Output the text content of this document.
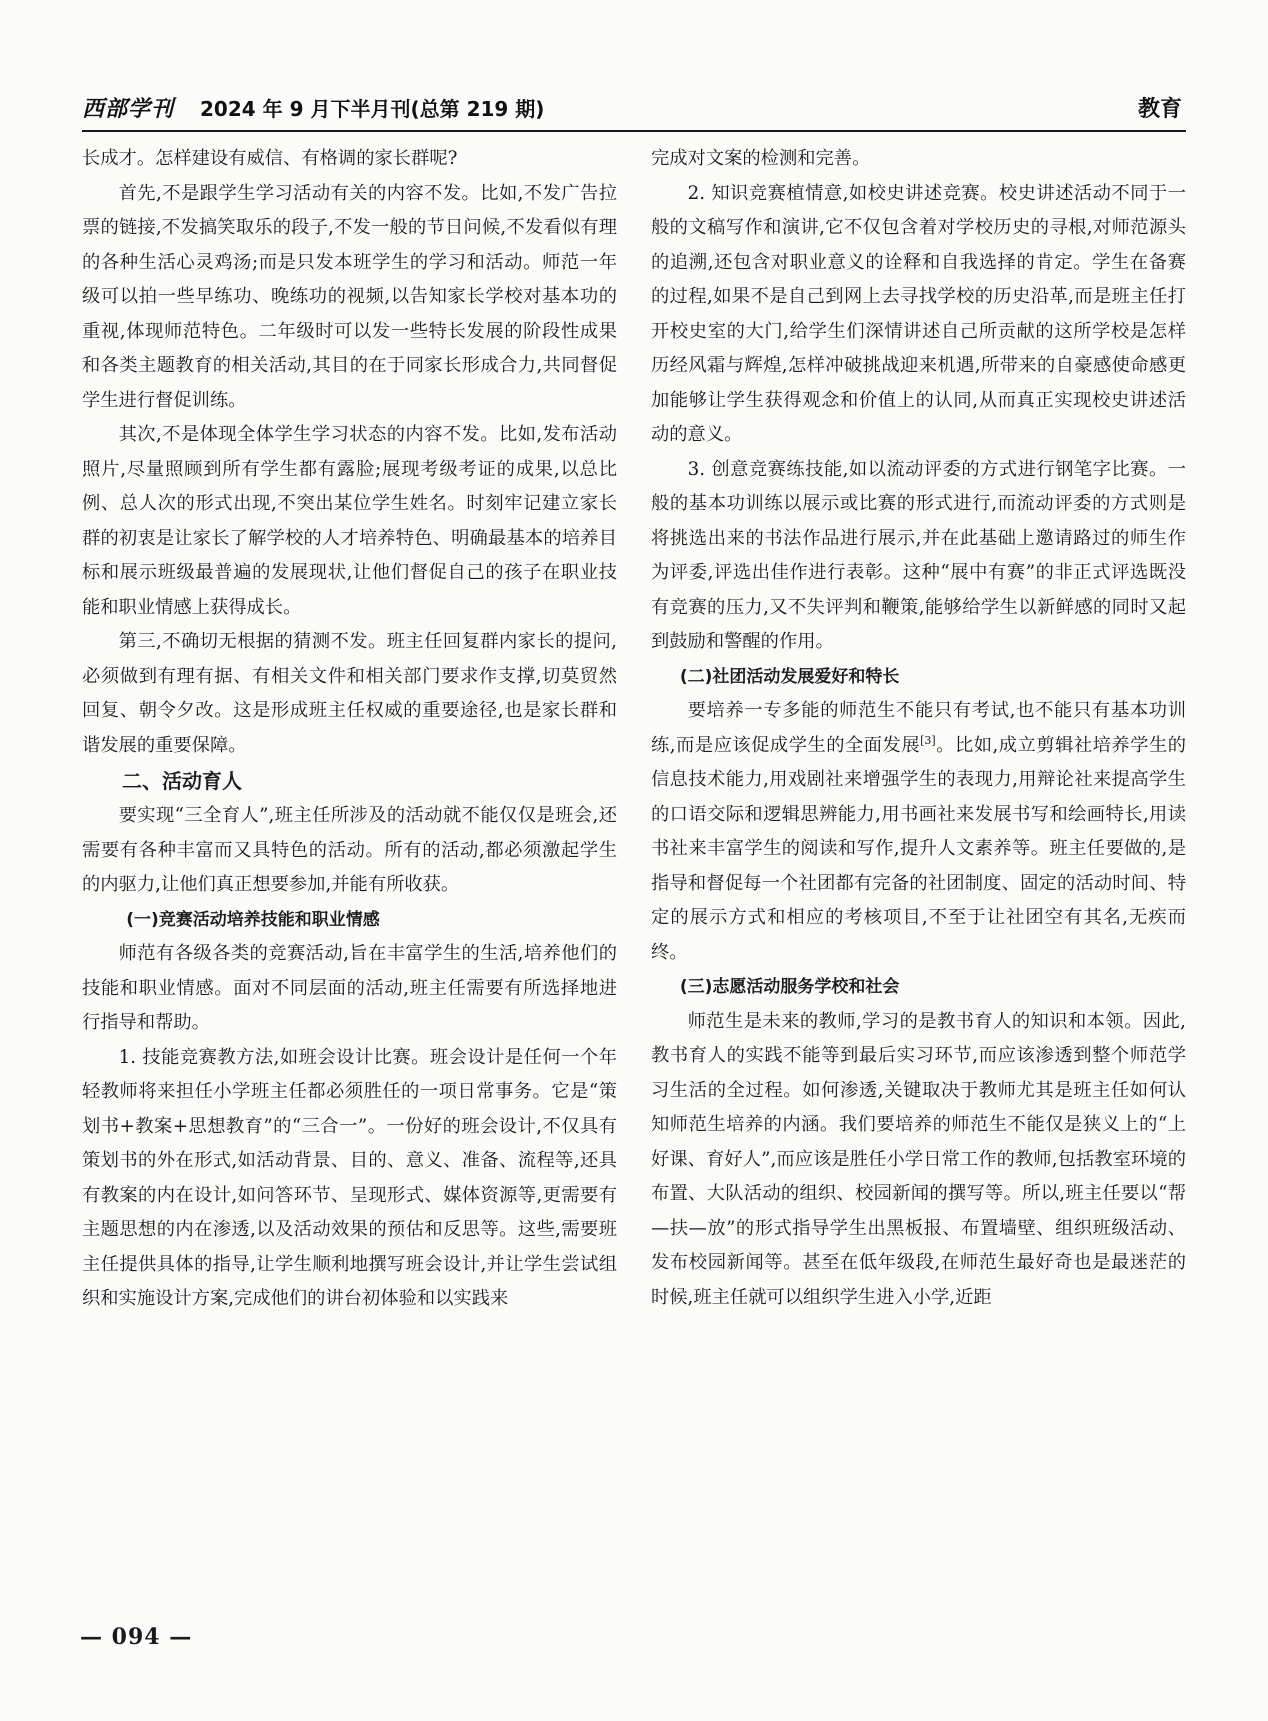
西部学刊 2024 年 9 月下半月刊(总第 219 期)	教育

长成才。怎样建设有威信、有格调的家长群呢?

首先,不是跟学生学习活动有关的内容不发。比如,不发广告拉票的链接,不发搞笑取乐的段子,不发一般的节日问候,不发看似有理的各种生活心灵鸡汤;而是只发本班学生的学习和活动。师范一年级可以拍一些早练功、晚练功的视频,以告知家长学校对基本功的重视,体现师范特色。二年级时可以发一些特长发展的阶段性成果和各类主题教育的相关活动,其目的在于同家长形成合力,共同督促学生进行督促训练。

其次,不是体现全体学生学习状态的内容不发。比如,发布活动照片,尽量照顾到所有学生都有露脸;展现考级考证的成果,以总比例、总人次的形式出现,不突出某位学生姓名。时刻牢记建立家长群的初衷是让家长了解学校的人才培养特色、明确最基本的培养目标和展示班级最普遍的发展现状,让他们督促自己的孩子在职业技能和职业情感上获得成长。

第三,不确切无根据的猜测不发。班主任回复群内家长的提问,必须做到有理有据、有相关文件和相关部门要求作支撑,切莫贸然回复、朝令夕改。这是形成班主任权威的重要途径,也是家长群和谐发展的重要保障。

二、活动育人

要实现“三全育人”,班主任所涉及的活动就不能仅仅是班会,还需要有各种丰富而又具特色的活动。所有的活动,都必须激起学生的内驱力,让他们真正想要参加,并能有所收获。

(一)竞赛活动培养技能和职业情感

师范有各级各类的竞赛活动,旨在丰富学生的生活,培养他们的技能和职业情感。面对不同层面的活动,班主任需要有所选择地进行指导和帮助。

1. 技能竞赛教方法,如班会设计比赛。班会设计是任何一个年轻教师将来担任小学班主任都必须胜任的一项日常事务。它是“策划书+教案+思想教育”的“三合一”。一份好的班会设计,不仅具有策划书的外在形式,如活动背景、目的、意义、准备、流程等,还具有教案的内在设计,如问答环节、呈现形式、媒体资源等,更需要有主题思想的内在渗透,以及活动效果的预估和反思等。这些,需要班主任提供具体的指导,让学生顺利地撰写班会设计,并让学生尝试组织和实施设计方案,完成他们的讲台初体验和以实践来

完成对文案的检测和完善。

2. 知识竞赛植情意,如校史讲述竞赛。校史讲述活动不同于一般的文稿写作和演讲,它不仅包含着对学校历史的寻根,对师范源头的追溯,还包含对职业意义的诠释和自我选择的肯定。学生在备赛的过程,如果不是自己到网上去寻找学校的历史沿革,而是班主任打开校史室的大门,给学生们深情讲述自己所贡献的这所学校是怎样历经风霜与辉煌,怎样冲破挑战迎来机遇,所带来的自豪感使命感更加能够让学生获得观念和价值上的认同,从而真正实现校史讲述活动的意义。

3. 创意竞赛练技能,如以流动评委的方式进行钢笔字比赛。一般的基本功训练以展示或比赛的形式进行,而流动评委的方式则是将挑选出来的书法作品进行展示,并在此基础上邀请路过的师生作为评委,评选出佳作进行表彰。这种“展中有赛”的非正式评选既没有竞赛的压力,又不失评判和鞭策,能够给学生以新鲜感的同时又起到鼓励和警醒的作用。

(二)社团活动发展爱好和特长

要培养一专多能的师范生不能只有考试,也不能只有基本功训练,而是应该促成学生的全面发展[3]。比如,成立剪辑社培养学生的信息技术能力,用戏剧社来增强学生的表现力,用辩论社来提高学生的口语交际和逻辑思辨能力,用书画社来发展书写和绘画特长,用读书社来丰富学生的阅读和写作,提升人文素养等。班主任要做的,是指导和督促每一个社团都有完备的社团制度、固定的活动时间、特定的展示方式和相应的考核项目,不至于让社团空有其名,无疾而终。

(三)志愿活动服务学校和社会

师范生是未来的教师,学习的是教书育人的知识和本领。因此,教书育人的实践不能等到最后实习环节,而应该渗透到整个师范学习生活的全过程。如何渗透,关键取决于教师尤其是班主任如何认知师范生培养的内涵。我们要培养的师范生不能仅是狭义上的“上好课、育好人”,而应该是胜任小学日常工作的教师,包括教室环境的布置、大队活动的组织、校园新闻的撰写等。所以,班主任要以“帮—扶—放”的形式指导学生出黑板报、布置墙壁、组织班级活动、发布校园新闻等。甚至在低年级段,在师范生最好奇也是最迷茫的时候,班主任就可以组织学生进入小学,近距

— 094 —
